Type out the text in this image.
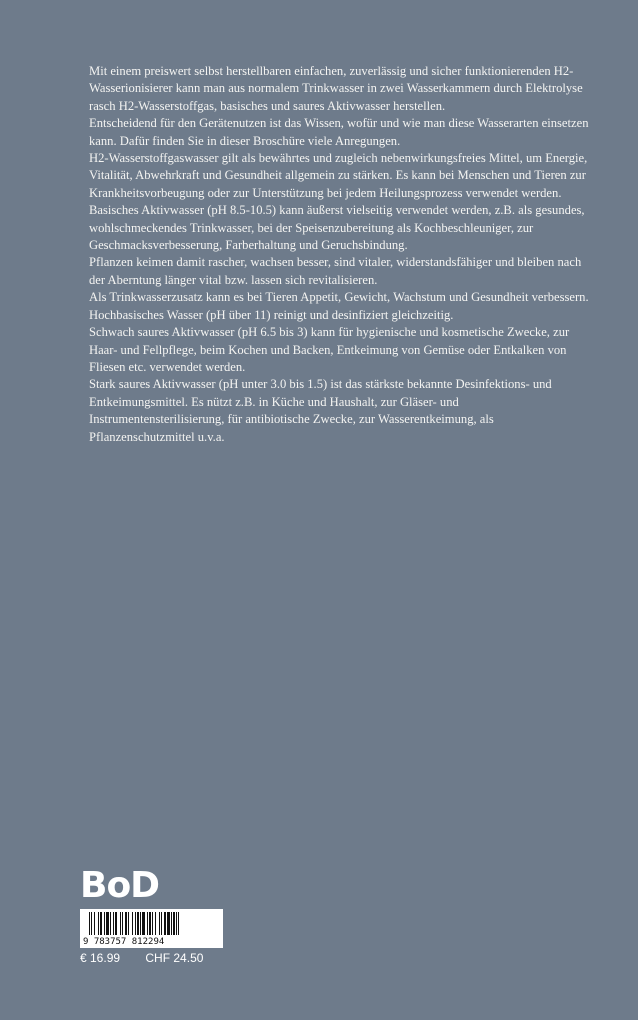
Mit einem preiswert selbst herstellbaren einfachen, zuverlässig und sicher funktionierenden H2-Wasserionisierer kann man aus normalem Trinkwasser in zwei Wasserkammern durch Elektrolyse rasch H2-Wasserstoffgas, basisches und saures Aktivwasser herstellen.

Entscheidend für den Gerätenutzen ist das Wissen, wofür und wie man diese Wasserarten einsetzen kann. Dafür finden Sie in dieser Broschüre viele Anregungen.

H2-Wasserstoffgaswasser gilt als bewährtes und zugleich nebenwirkungsfreies Mittel, um Energie, Vitalität, Abwehrkraft und Gesundheit allgemein zu stärken. Es kann bei Menschen und Tieren zur Krankheitsvorbeugung oder zur Unterstützung bei jedem Heilungsprozess verwendet werden.

Basisches Aktivwasser (pH 8.5-10.5) kann äußerst vielseitig verwendet werden, z.B. als gesundes, wohlschmeckendes Trinkwasser, bei der Speisenzubereitung als Kochbeschleuniger, zur Geschmacksverbesserung, Farberhaltung und Geruchsbindung.

Pflanzen keimen damit rascher, wachsen besser, sind vitaler, widerstandsfähiger und bleiben nach der Aberntung länger vital bzw. lassen sich revitalisieren.

Als Trinkwasserzusatz kann es bei Tieren Appetit, Gewicht, Wachstum und Gesundheit verbessern.

Hochbasisches Wasser (pH über 11) reinigt und desinfiziert gleichzeitig.

Schwach saures Aktivwasser (pH 6.5 bis 3) kann für hygienische und kosmetische Zwecke, zur Haar- und Fellpflege, beim Kochen und Backen, Entkeimung von Gemüse oder Entkalken von Fliesen etc. verwendet werden.

Stark saures Aktivwasser (pH unter 3.0 bis 1.5) ist das stärkste bekannte Desinfektions- und Entkeimungsmittel. Es nützt z.B. in Küche und Haushalt, zur Gläser- und Instrumentensterilisierung, für antibiotische Zwecke, zur Wasserentkeimung, als Pflanzenschutzmittel u.v.a.

BoD
9 783757 812294
€ 16.99 CHF 24.50
